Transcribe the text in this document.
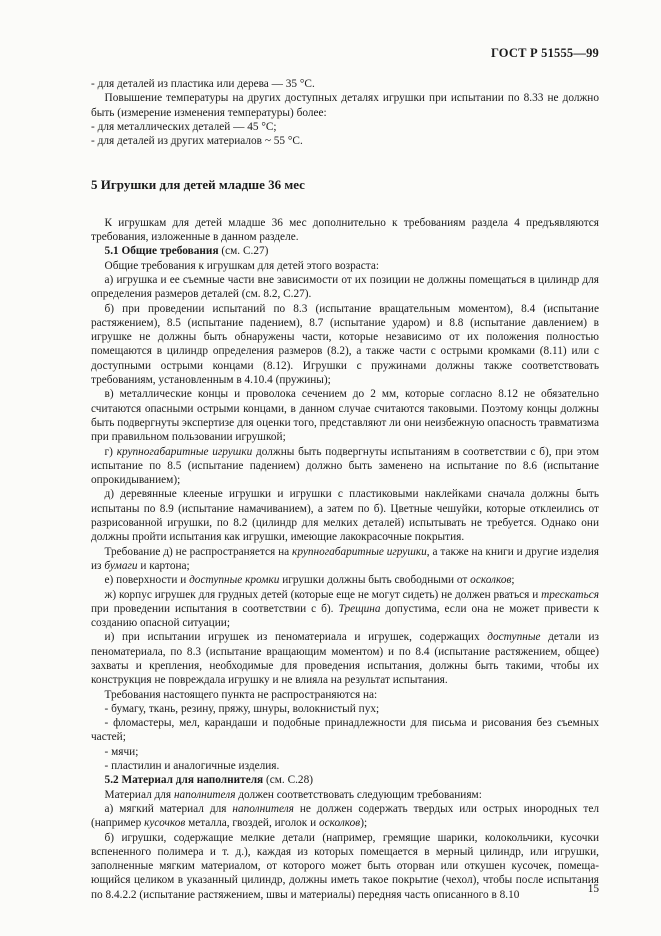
ГОСТ Р 51555—99

- для деталей из пластика или дерева — 35 °С.

Повышение температуры на других доступных деталях игрушки при испытании по 8.33 не должно быть (измерение изменения температуры) более:

- для металлических деталей — 45 °С;

- для деталей из других материалов ~ 55 °С.

5 Игрушки для детей младше 36 мес

К игрушкам для детей младше 36 мес дополнительно к требованиям раздела 4 предъявляются требования, изложенные в данном разделе.

5.1 Общие требования (см. С.27)

Общие требования к игрушкам для детей этого возраста:

а) игрушка и ее съемные части вне зависимости от их позиции не должны помещаться в цилиндр для определения размеров деталей (см. 8.2, С.27).

б) при проведении испытаний по 8.3 (испытание вращательным моментом), 8.4 (испытание растяжением), 8.5 (испытание падением), 8.7 (испытание ударом) и 8.8 (испытание давлением) в игрушке не должны быть обнаружены части, которые независимо от их положения полностью помещаются в цилиндр определения размеров (8.2), а также части с острыми кромками (8.11) или с доступными острыми концами (8.12). Игрушки с пружинами должны также соответствовать требованиям, установленным в 4.10.4 (пружины);

в) металлические концы и проволока сечением до 2 мм, которые согласно 8.12 не обязательно считаются опасными острыми концами, в данном случае считаются таковыми. Поэтому концы должны быть подвергнуты экспертизе для оценки того, представляют ли они неизбежную опасность травматизма при правильном пользовании игрушкой;

г) крупногабаритные игрушки должны быть подвергнуты испытаниям в соответствии с б), при этом испытание по 8.5 (испытание падением) должно быть заменено на испытание по 8.6 (испытание опрокидыванием);

д) деревянные клееные игрушки и игрушки с пластиковыми наклейками сначала должны быть испытаны по 8.9 (испытание намачиванием), а затем по б). Цветные чешуйки, которые отклеились от разрисованной игрушки, по 8.2 (цилиндр для мелких деталей) испытывать не требуется. Однако они должны пройти испытания как игрушки, имеющие лакокрасочные покрытия.

Требование д) не распространяется на крупногабаритные игрушки, а также на книги и другие изделия из бумаги и картона;

е) поверхности и доступные кромки игрушки должны быть свободными от осколков;

ж) корпус игрушек для грудных детей (которые еще не могут сидеть) не должен рваться и трескаться при проведении испытания в соответствии с б). Трещина допустима, если она не может привести к созданию опасной ситуации;

и) при испытании игрушек из пеноматериала и игрушек, содержащих доступные детали из пеноматериала, по 8.3 (испытание вращающим моментом) и по 8.4 (испытание растяжением, общее) захваты и крепления, необходимые для проведения испытания, должны быть такими, чтобы их конструкция не повреждала игрушку и не влияла на результат испытания.

Требования настоящего пункта не распространяются на:

- бумагу, ткань, резину, пряжу, шнуры, волокнистый пух;

- фломастеры, мел, карандаши и подобные принадлежности для письма и рисования без съемных частей;

- мячи;

- пластилин и аналогичные изделия.

5.2 Материал для наполнителя (см. С.28)

Материал для наполнителя должен соответствовать следующим требованиям:

а) мягкий материал для наполнителя не должен содержать твердых или острых инородных тел (например кусочков металла, гвоздей, иголок и осколков);

б) игрушки, содержащие мелкие детали (например, гремящие шарики, колокольчики, кусочки вспененного полимера и т. д.), каждая из которых помещается в мерный цилиндр, или игрушки, заполненные мягким материалом, от которого может быть оторван или откушен кусочек, помеща-ющийся целиком в указанный цилиндр, должны иметь такое покрытие (чехол), чтобы после испытания по 8.4.2.2 (испытание растяжением, швы и материалы) передняя часть описанного в 8.10	15
